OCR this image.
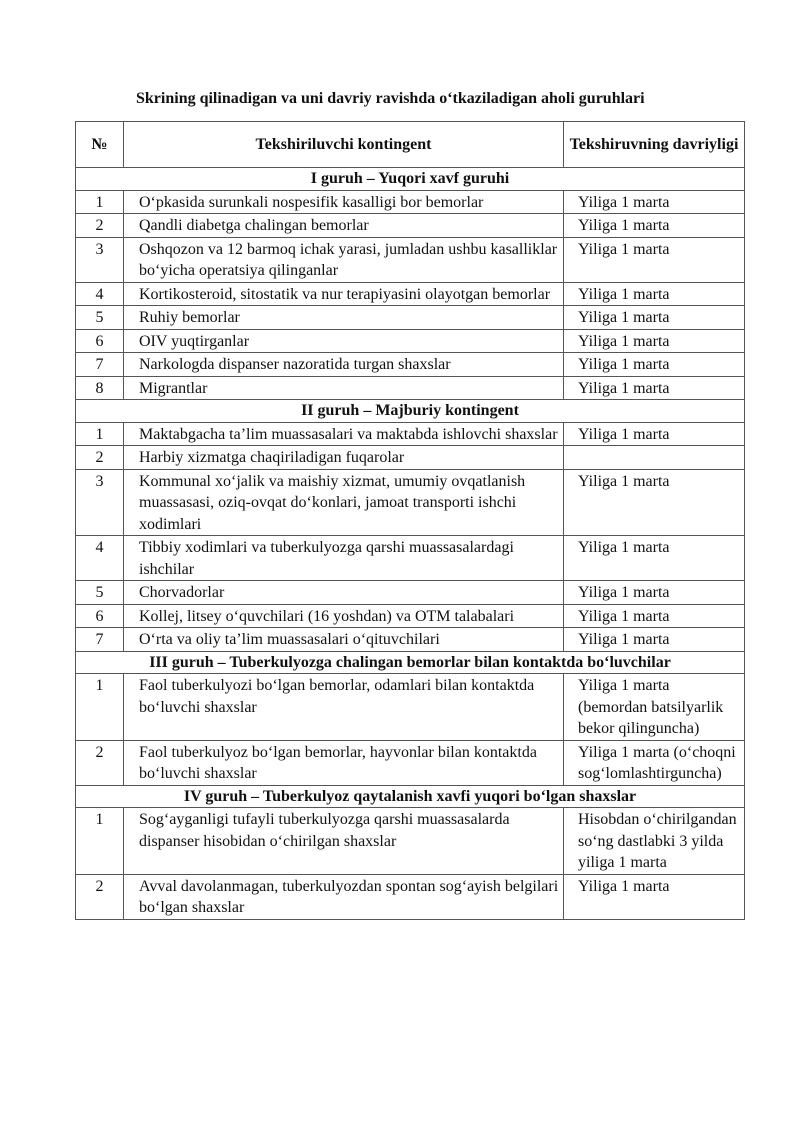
Skrining qilinadigan va uni davriy ravishda o‘tkaziladigan aholi guruhlari
№	Tekshiriluvchi kontingent	Tekshiruvning davriyligi
I guruh – Yuqori xavf guruhi		
1	O‘pkasida surunkali nospesifik kasalligi bor bemorlar	Yiliga 1 marta
2	Qandli diabetga chalingan bemorlar	Yiliga 1 marta
3	Oshqozon va 12 barmoq ichak yarasi, jumladan ushbu kasalliklar bo‘yicha operatsiya qilinganlar	Yiliga 1 marta
4	Kortikosteroid, sitostatik va nur terapiyasini olayotgan bemorlar	Yiliga 1 marta
5	Ruhiy bemorlar	Yiliga 1 marta
6	OIV yuqtirganlar	Yiliga 1 marta
7	Narkologda dispanser nazoratida turgan shaxslar	Yiliga 1 marta
8	Migrantlar	Yiliga 1 marta
II guruh – Majburiy kontingent		
1	Maktabgacha ta’lim muassasalari va maktabda ishlovchi shaxslar	Yiliga 1 marta
2	Harbiy xizmatga chaqiriladigan fuqarolar	
3	Kommunal xo‘jalik va maishiy xizmat, umumiy ovqatlanish muassasasi, oziq-ovqat do‘konlari, jamoat transporti ishchi xodimlari	Yiliga 1 marta
4	Tibbiy xodimlari va tuberkulyozga qarshi muassasalardagi ishchilar	Yiliga 1 marta
5	Chorvadorlar	Yiliga 1 marta
6	Kollej, litsey o‘quvchilari (16 yoshdan) va OTM talabalari	Yiliga 1 marta
7	O‘rta va oliy ta’lim muassasalari o‘qituvchilari	Yiliga 1 marta
III guruh – Tuberkulyozga chalingan bemorlar bilan kontaktda bo‘luvchilar		
1	Faol tuberkulyozi bo‘lgan bemorlar, odamlari bilan kontaktda bo‘luvchi shaxslar	Yiliga 1 marta (bemordan batsilyarlik bekor qilinguncha)
2	Faol tuberkulyoz bo‘lgan bemorlar, hayvonlar bilan kontaktda bo‘luvchi shaxslar	Yiliga 1 marta (o‘choqni sog‘lomlashtirguncha)
IV guruh – Tuberkulyoz qaytalanish xavfi yuqori bo‘lgan shaxslar		
1	Sog‘ayganligi tufayli tuberkulyozga qarshi muassasalarda dispanser hisobidan o‘chirilgan shaxslar	Hisobdan o‘chirilgandan so‘ng dastlabki 3 yilda yiliga 1 marta
2	Avval davolanmagan, tuberkulyozdan spontan sog‘ayish belgilari bo‘lgan shaxslar	Yiliga 1 marta
